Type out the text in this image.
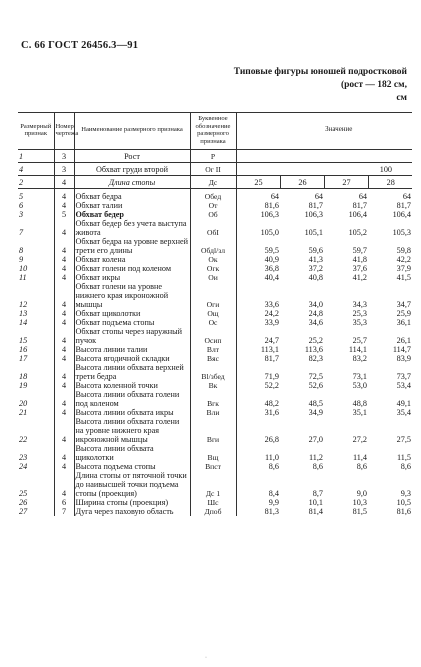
С. 66 ГОСТ 26456.3—91
Типовые фигуры юношей подростковой
(рост — 182 см,
см
Размерный признак	Номер чертежа	Наименование размерного признака	Буквенное обозначение размерного признака	Значение			
1	3	Рост	Р				
4	3	Обхват груди второй	Ог II	100			
2	4	Длина стопы	Дс	25	26	27	28
5	4	Обхват бедра	Обед	64	64	64	64
6	4	Обхват талии	От	81,6	81,7	81,7	81,7
3	5	Обхват бедер	Об	106,3	106,3	106,4	106,4
7	4	Обхват бедер без учета выступа живота	ОбI	105,0	105,1	105,2	105,3
8	4	Обхват бедра на уровне верхней трети его длины	Обдl/зл	59,5	59,6	59,7	59,8
9	4	Обхват колена	Ок	40,9	41,3	41,8	42,2
10	4	Обхват голени под коленом	Огк	36,8	37,2	37,6	37,9
11	4	Обхват икры	Ои	40,4	40,8	41,2	41,5
12	4	Обхват голени на уровне нижнего края икроножной мышцы	Оги	33,6	34,0	34,3	34,7
13	4	Обхват щиколотки	Ощ	24,2	24,8	25,3	25,9
14	4	Обхват подъема стопы	Ос	33,9	34,6	35,3	36,1
15	4	Обхват стопы через наружный пучок	Осип	24,7	25,2	25,7	26,1
16	4	Высота линии талии	Влт	113,1	113,6	114,1	114,7
17	4	Высота ягодичной складки	Вяс	81,7	82,3	83,2	83,9
18	4	Высота линии обхвата верхней трети бедра	Вl/збед	71,9	72,5	73,1	73,7
19	4	Высота коленной точки	Вк	52,2	52,6	53,0	53,4
20	4	Высота линии обхвата голени под коленом	Вгк	48,2	48,5	48,8	49,1
21	4	Высота линии обхвата икры	Вли	31,6	34,9	35,1	35,4
22	4	Высота линии обхвата голени на уровне нижнего края икроножной мышцы	Вги	26,8	27,0	27,2	27,5
23	4	Высота линии обхвата щиколотки	Вщ	11,0	11,2	11,4	11,5
24	4	Высота подъема стопы	Впст	8,6	8,6	8,6	8,6
25	4	Длина стопы от пяточной точки до наивысшей точки подъема стопы (проекция)	Дс 1	8,4	8,7	9,0	9,3
26	6	Ширина стопы (проекция)	Шс	9,9	10,1	10,3	10,5
27	7	Дуга через паховую область	Дпоб	81,3	81,4	81,5	81,6
·
